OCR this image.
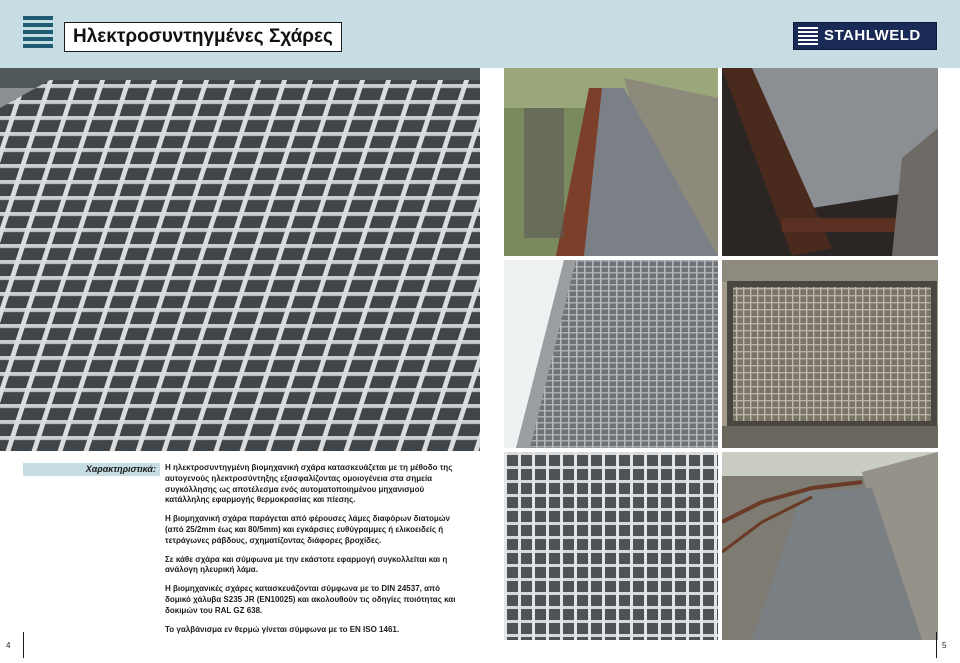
Ηλεκτροσυντηγμένες Σχάρες	STAHLWELD
Χαρακτηριστικά: Η ηλεκτροσυντηγμένη βιομηχανική σχάρα κατασκευάζεται με τη μέθοδο της αυτογενούς ηλεκτροσύντηξης εξασφαλίζοντας ομοιογένεια στα σημεία συγκόλλησης ως αποτέλεσμα ενός αυτοματοποιημένου μηχανισμού κατάλληλης εφαρμογής θερμοκρασίας και πίεσης.

Η βιομηχανική σχάρα παράγεται από φέρουσες λάμες διαφόρων διατομών (από 25/2mm έως και 80/5mm) και εγκάρσιες ευθύγραμμες ή ελικοειδείς ή τετράγωνες ράβδους, σχηματίζοντας διάφορες βροχίδες.

Σε κάθε σχάρα και σύμφωνα με την εκάστοτε εφαρμογή συγκολλείται και η ανάλογη ηλευρική λάμα.

Η βιομηχανικές σχάρες κατασκευάζονται σύμφωνα με το DIN 24537, από δομικό χάλυβα S235 JR (EN10025) και ακολουθούν τις οδηγίες ποιότητας και δοκιμών του RAL GZ 638.

Το γαλβάνισμα εν θερμώ γίνεται σύμφωνα με το EN ISO 1461.

4	5
